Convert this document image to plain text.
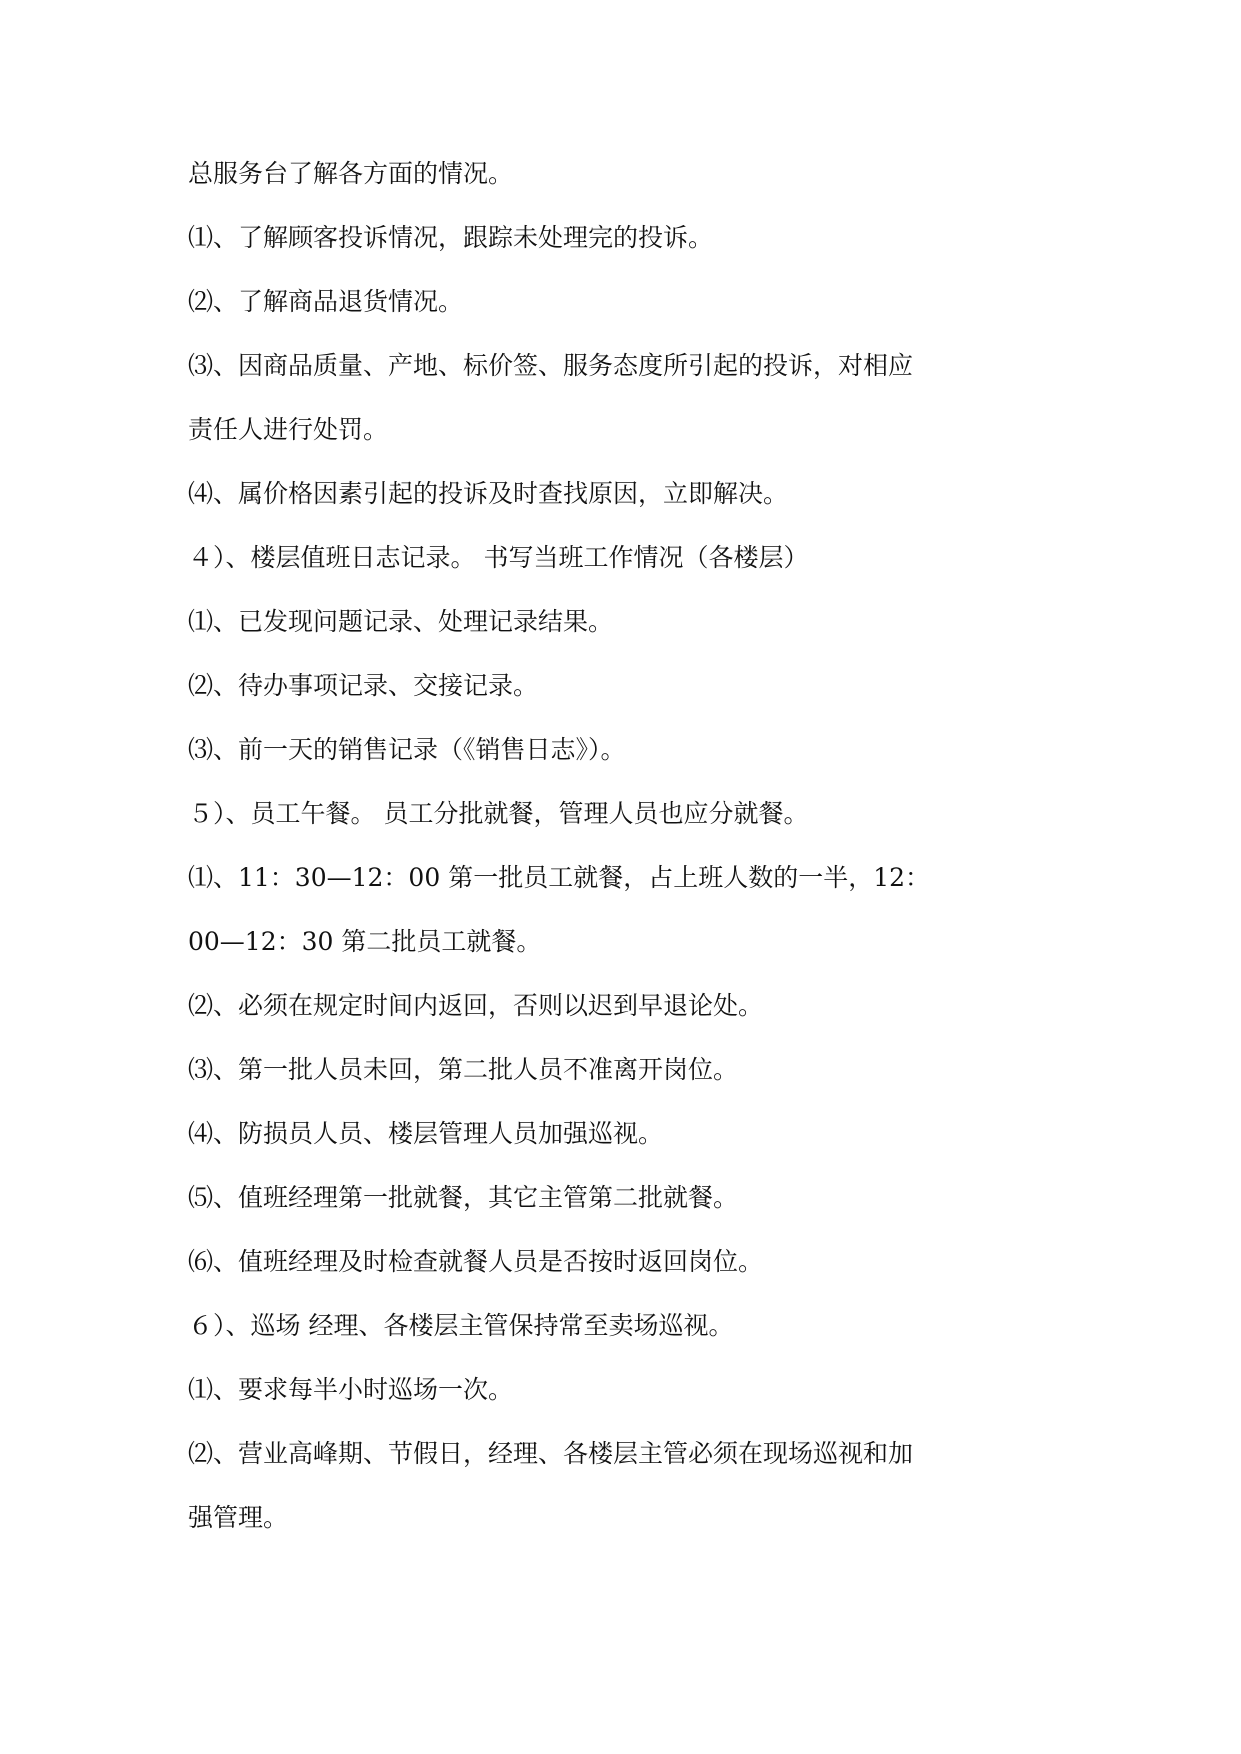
总服务台了解各方面的情况。
⑴、了解顾客投诉情况，跟踪未处理完的投诉。
⑵、了解商品退货情况。
⑶、因商品质量、产地、标价签、服务态度所引起的投诉，对相应
责任人进行处罚。
⑷、属价格因素引起的投诉及时查找原因，立即解决。
４）、楼层值班日志记录。 书写当班工作情况（各楼层）
⑴、已发现问题记录、处理记录结果。
⑵、待办事项记录、交接记录。
⑶、前一天的销售记录（《销售日志》）。
５）、员工午餐。 员工分批就餐，管理人员也应分就餐。
⑴、11：30—12：00 第一批员工就餐，占上班人数的一半，12：
00—12：30 第二批员工就餐。
⑵、必须在规定时间内返回，否则以迟到早退论处。
⑶、第一批人员未回，第二批人员不准离开岗位。
⑷、防损员人员、楼层管理人员加强巡视。
⑸、值班经理第一批就餐，其它主管第二批就餐。
⑹、值班经理及时检查就餐人员是否按时返回岗位。
６）、巡场 经理、各楼层主管保持常至卖场巡视。
⑴、要求每半小时巡场一次。
⑵、营业高峰期、节假日，经理、各楼层主管必须在现场巡视和加
强管理。
